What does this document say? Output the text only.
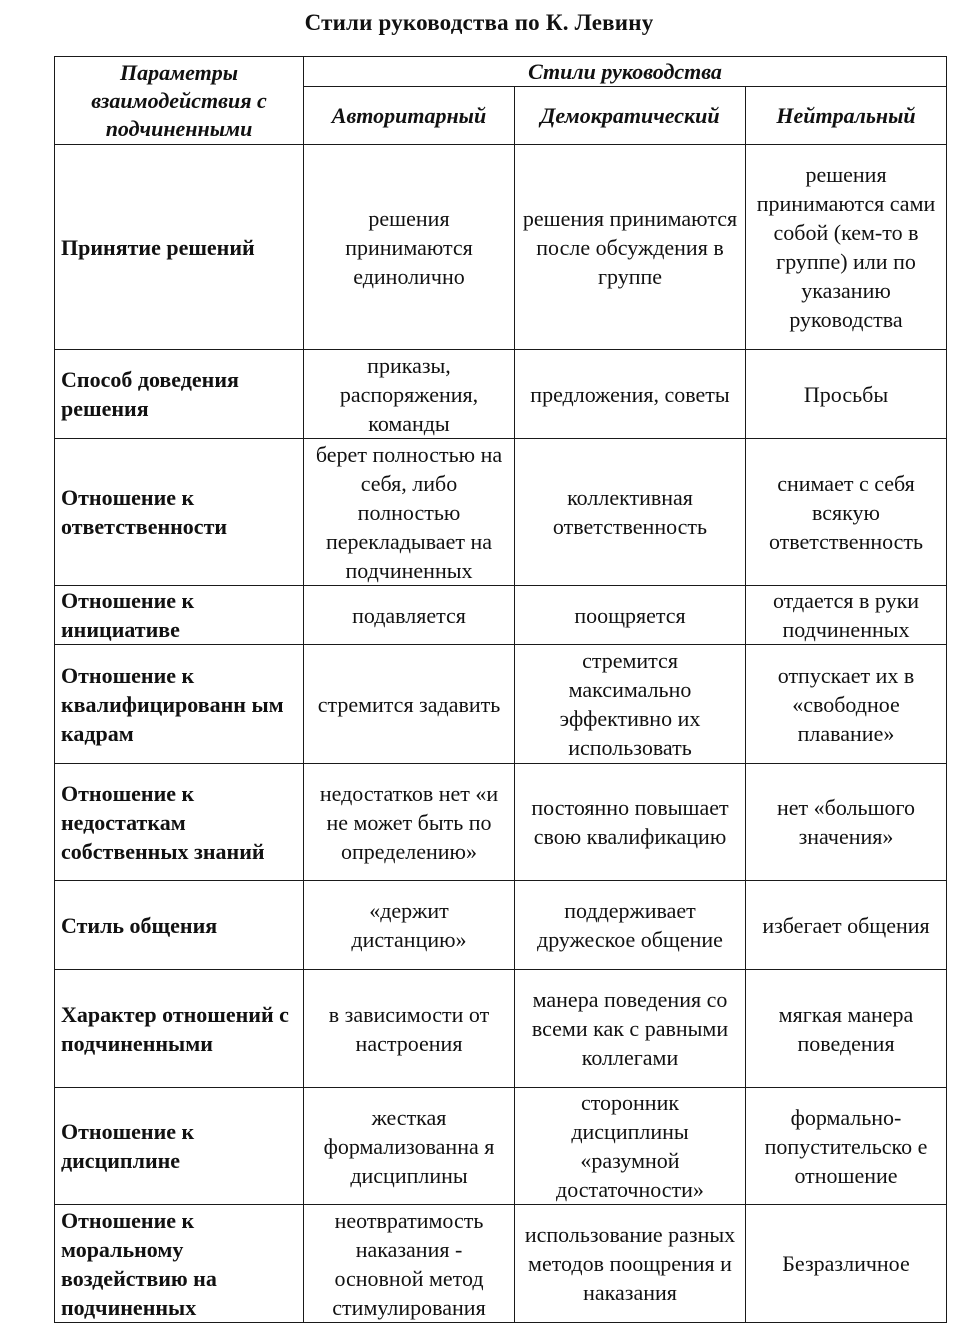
Стили руководства по К. Левину
Параметры взаимодействия с подчиненными	Стили руководства		
	Авторитарный	Демократический	Нейтральный
Принятие решений	решения принимаются единолично	решения принимаются после обсуждения в группе	решения принимаются сами собой (кем-то в группе) или по указанию руководства
Способ доведения решения	приказы, распоряжения, команды	предложения, советы	Просьбы
Отношение к ответственности	берет полностью на себя, либо полностью перекладывает на подчиненных	коллективная ответственность	снимает с себя всякую ответственность
Отношение к инициативе	подавляется	поощряется	отдается в руки подчиненных
Отношение к квалифицированн ым кадрам	стремится задавить	стремится максимально эффективно их использовать	отпускает их в «свободное плавание»
Отношение к недостаткам собственных знаний	недостатков нет «и не может быть по определению»	постоянно повышает свою квалификацию	нет «большого значения»
Стиль общения	«держит дистанцию»	поддерживает дружеское общение	избегает общения
Характер отношений с подчиненными	в зависимости от настроения	манера поведения со всеми как с равными коллегами	мягкая манера поведения
Отношение к дисциплине	жесткая формализованна я дисциплины	сторонник дисциплины «разумной достаточности»	формально-попустительско е отношение
Отношение к моральному воздействию на подчиненных	неотвратимость наказания - основной метод стимулирования	использование разных методов поощрения и наказания	Безразличное
